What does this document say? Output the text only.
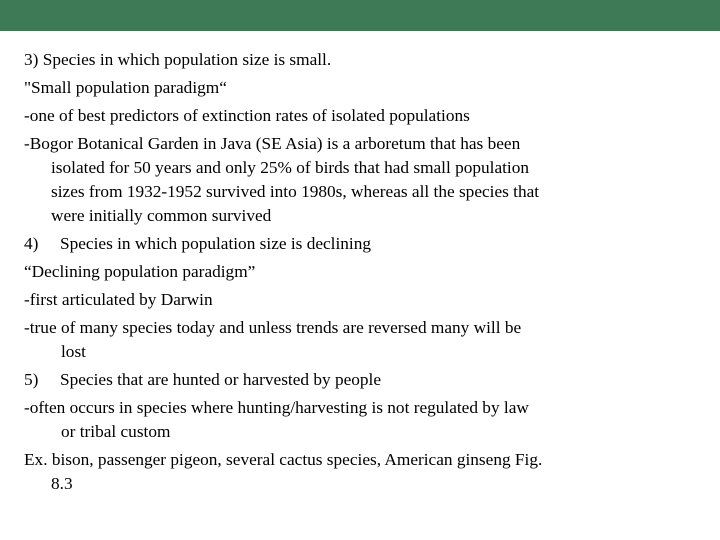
3) Species in which population size is small.
"Small population paradigm“
-one of best predictors of extinction rates of isolated populations
-Bogor Botanical Garden in Java (SE Asia) is a arboretum that has been
isolated for 50 years and only 25% of birds that had small population
sizes from 1932-1952 survived into 1980s, whereas all the species that
were initially common survived
4) Species in which population size is declining
“Declining population paradigm”
-first articulated by Darwin
-true of many species today and unless trends are reversed many will be
lost
5) Species that are hunted or harvested by people
-often occurs in species where hunting/harvesting is not regulated by law
or tribal custom
Ex. bison, passenger pigeon, several cactus species, American ginseng Fig.
8.3
